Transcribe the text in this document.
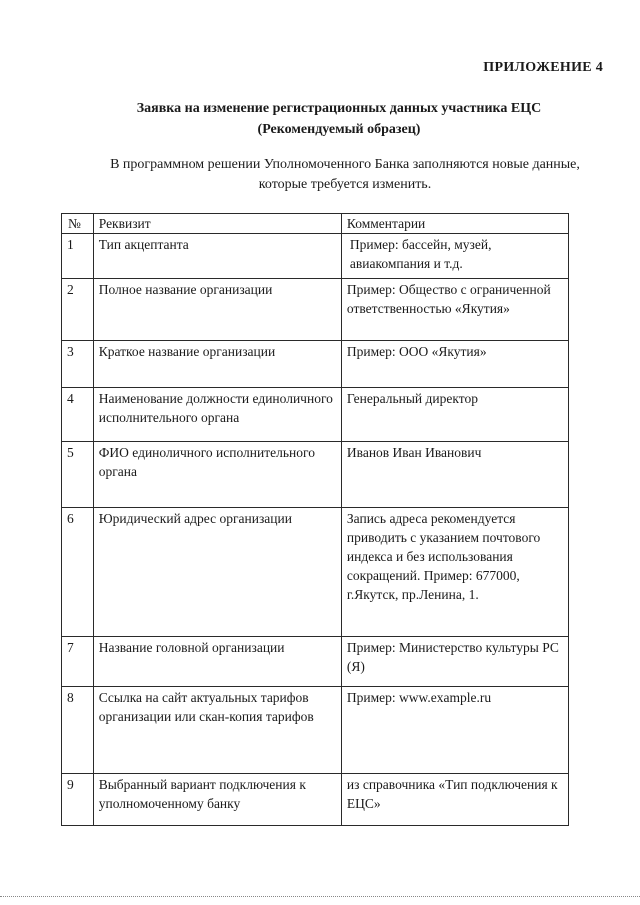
ПРИЛОЖЕНИЕ 4
Заявка на изменение регистрационных данных участника ЕЦС
(Рекомендуемый образец)
В программном решении Уполномоченного Банка заполняются новые данные,
которые требуется изменить.
№	Реквизит	Комментарии
1	Тип акцептанта	Пример: бассейн, музей, авиакомпания и т.д.
2	Полное название организации	Пример: Общество с ограниченной ответственностью «Якутия»
3	Краткое название организации	Пример: ООО «Якутия»
4	Наименование должности единоличного исполнительного органа	Генеральный директор
5	ФИО единоличного исполнительного органа	Иванов Иван Иванович
6	Юридический адрес организации	Запись адреса рекомендуется приводить с указанием почтового индекса и без использования сокращений. Пример: 677000, г.Якутск, пр.Ленина, 1.
7	Название головной организации	Пример: Министерство культуры РС (Я)
8	Ссылка на сайт актуальных тарифов организации или скан-копия тарифов	Пример: www.example.ru
9	Выбранный вариант подключения к уполномоченному банку	из справочника «Тип подключения к ЕЦС»
